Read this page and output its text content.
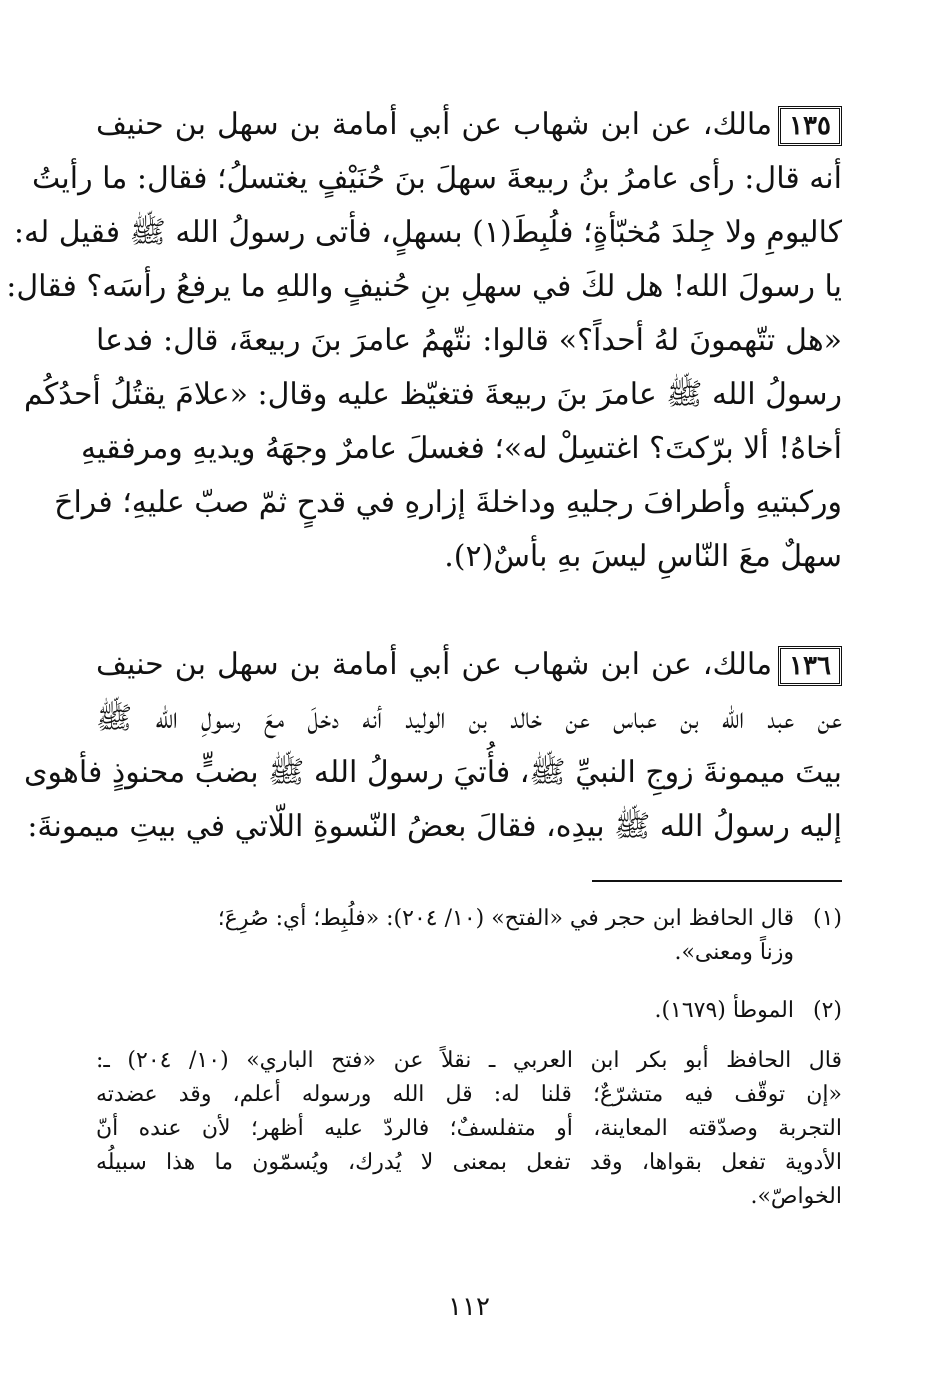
١٣٥مالك، عن ابن شهاب عن أبي أمامة بن سهل بن حنيف
أنه قال: رأى عامرُ بنُ ربيعةَ سهلَ بنَ حُنَيْفٍ يغتسلُ؛ فقال: ما رأيتُ
كاليومِ ولا جِلدَ مُخبّأةٍ؛ فلُبِطَ(١) بسهلٍ، فأتى رسولُ الله ﷺ فقيل له:
يا رسولَ الله! هل لكَ في سهلِ بنِ حُنيفٍ واللهِ ما يرفعُ رأسَه؟ فقال:
«هل تتّهمونَ لهُ أحداً؟» قالوا: نتّهمُ عامرَ بنَ ربيعةَ، قال: فدعا
رسولُ الله ﷺ عامرَ بنَ ربيعةَ فتغيّظ عليه وقال: «علامَ يقتُلُ أحدُكُم
أخاهُ! ألا برّكتَ؟ اغتسِلْ له»؛ فغسلَ عامرٌ وجهَهُ ويديهِ ومرفقيهِ
وركبتيهِ وأطرافَ رجليهِ وداخلةَ إزارهِ في قدحٍ ثمّ صبّ عليهِ؛ فراحَ
سهلٌ معَ النّاسِ ليسَ بهِ بأسٌ(٢).
١٣٦مالك، عن ابن شهاب عن أبي أمامة بن سهل بن حنيف
عن عبد الله بن عباس عن خالد بن الوليد أنه دخلَ معَ رسولِ الله ﷺ
بيتَ ميمونةَ زوجِ النبيِّ ﷺ، فأُتيَ رسولُ الله ﷺ بضبٍّ محنوذٍ فأهوى
إليه رسولُ الله ﷺ بيدِه، فقالَ بعضُ النّسوةِ اللّاتي في بيتِ ميمونةَ:
(١)
قال الحافظ ابن حجر في «الفتح» (١٠/ ٢٠٤): «فلُبِط؛ أي: صُرِعَ؛
وزناً ومعنى».
(٢)
الموطأ (١٦٧٩).
قال الحافظ أبو بكر ابن العربي ـ نقلاً عن «فتح الباري» (١٠/ ٢٠٤) ـ:
«إن توقّف فيه متشرّعٌ؛ قلنا له: قل الله ورسوله أعلم، وقد عضدته
التجربة وصدّقته المعاينة، أو متفلسفٌ؛ فالردّ عليه أظهر؛ لأن عنده أنّ
الأدوية تفعل بقواها، وقد تفعل بمعنى لا يُدرك، ويُسمّون ما هذا سبيلُه
الخواصّ».
١١٢
